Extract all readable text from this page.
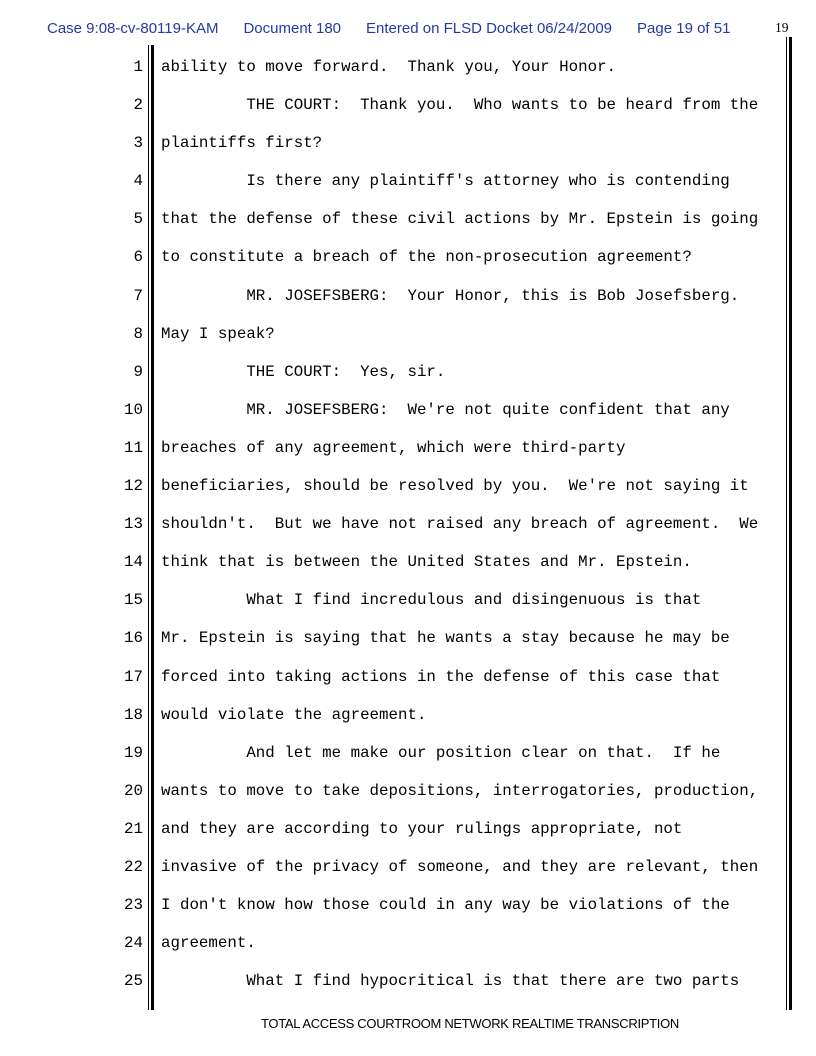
Case 9:08-cv-80119-KAM Document 180 Entered on FLSD Docket 06/24/2009 Page 19 of 51	19
1
2
3
4
5
6
7
8
9
10
11
12
13
14
15
16
17
18
19
20
21
22
23
24
25
ability to move forward.  Thank you, Your Honor.
THE COURT:  Thank you.  Who wants to be heard from the
plaintiffs first?
Is there any plaintiff's attorney who is contending
that the defense of these civil actions by Mr. Epstein is going
to constitute a breach of the non-prosecution agreement?
MR. JOSEFSBERG:  Your Honor, this is Bob Josefsberg.
May I speak?
THE COURT:  Yes, sir.
MR. JOSEFSBERG:  We're not quite confident that any
breaches of any agreement, which were third-party
beneficiaries, should be resolved by you.  We're not saying it
shouldn't.  But we have not raised any breach of agreement.  We
think that is between the United States and Mr. Epstein.
What I find incredulous and disingenuous is that
Mr. Epstein is saying that he wants a stay because he may be
forced into taking actions in the defense of this case that
would violate the agreement.
And let me make our position clear on that.  If he
wants to move to take depositions, interrogatories, production,
and they are according to your rulings appropriate, not
invasive of the privacy of someone, and they are relevant, then
I don't know how those could in any way be violations of the
agreement.
What I find hypocritical is that there are two parts
TOTAL ACCESS COURTROOM NETWORK REALTIME TRANSCRIPTION
